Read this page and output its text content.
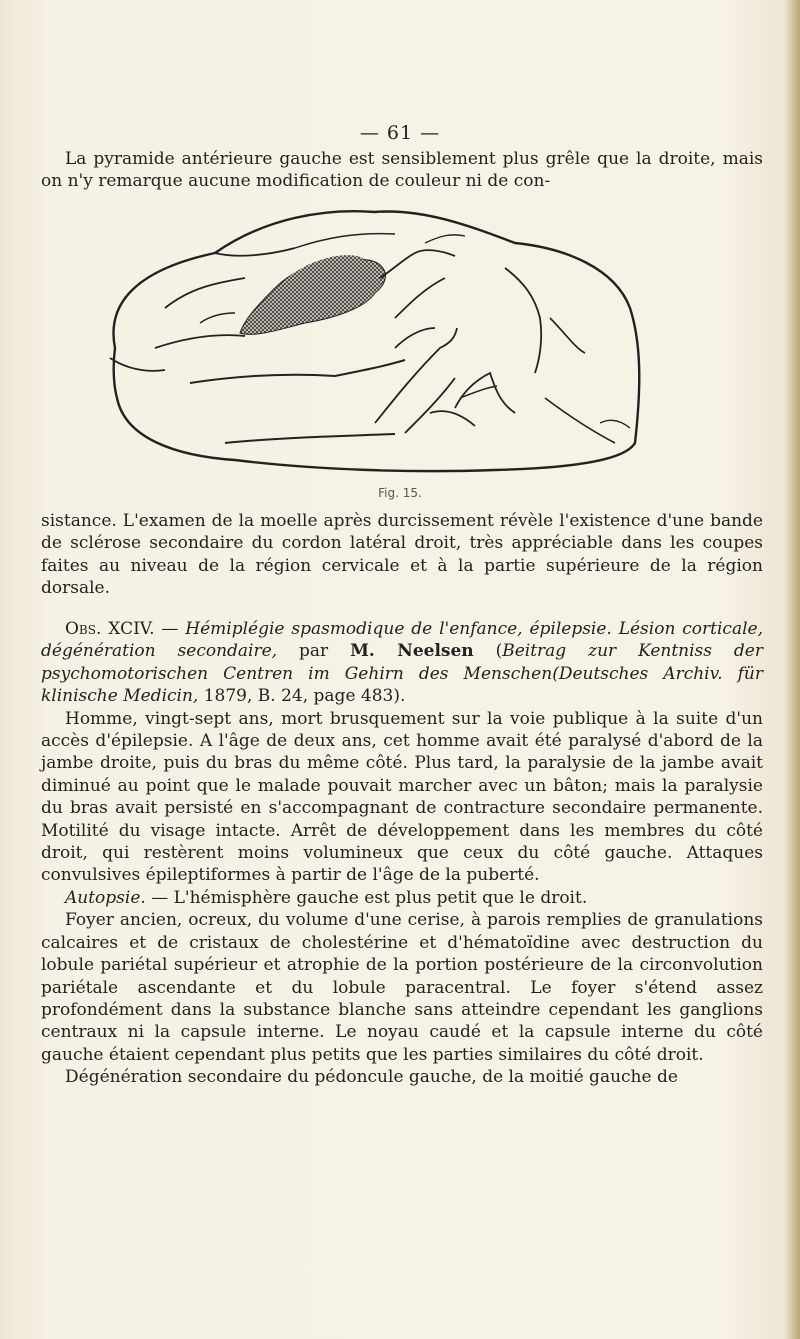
— 61 —
La pyramide antérieure gauche est sensiblement plus grêle que la droite, mais on n'y remarque aucune modification de couleur ni de con-
Fig. 15.
sistance. L'examen de la moelle après durcissement révèle l'existence d'une bande de sclérose secondaire du cordon latéral droit, très appréciable dans les coupes faites au niveau de la région cervicale et à la partie supérieure de la région dorsale.

Obs. XCIV. — Hémiplégie spasmodique de l'enfance, épilepsie. Lésion corticale, dégénération secondaire, par M. Neelsen (Beitrag zur Kentniss der psychomotorischen Centren im Gehirn des Menschen(Deutsches Archiv. für klinische Medicin, 1879, B. 24, page 483).

Homme, vingt-sept ans, mort brusquement sur la voie publique à la suite d'un accès d'épilepsie. A l'âge de deux ans, cet homme avait été paralysé d'abord de la jambe droite, puis du bras du même côté. Plus tard, la paralysie de la jambe avait diminué au point que le malade pouvait marcher avec un bâton; mais la paralysie du bras avait persisté en s'accompagnant de contracture secondaire permanente. Motilité du visage intacte. Arrêt de développement dans les membres du côté droit, qui restèrent moins volumineux que ceux du côté gauche. Attaques convulsives épileptiformes à partir de l'âge de la puberté.

Autopsie. — L'hémisphère gauche est plus petit que le droit.

Foyer ancien, ocreux, du volume d'une cerise, à parois remplies de granulations calcaires et de cristaux de cholestérine et d'hématoïdine avec destruction du lobule pariétal supérieur et atrophie de la portion postérieure de la circonvolution pariétale ascendante et du lobule paracentral. Le foyer s'étend assez profondément dans la substance blanche sans atteindre cependant les ganglions centraux ni la capsule interne. Le noyau caudé et la capsule interne du côté gauche étaient cependant plus petits que les parties similaires du côté droit.

Dégénération secondaire du pédoncule gauche, de la moitié gauche de
